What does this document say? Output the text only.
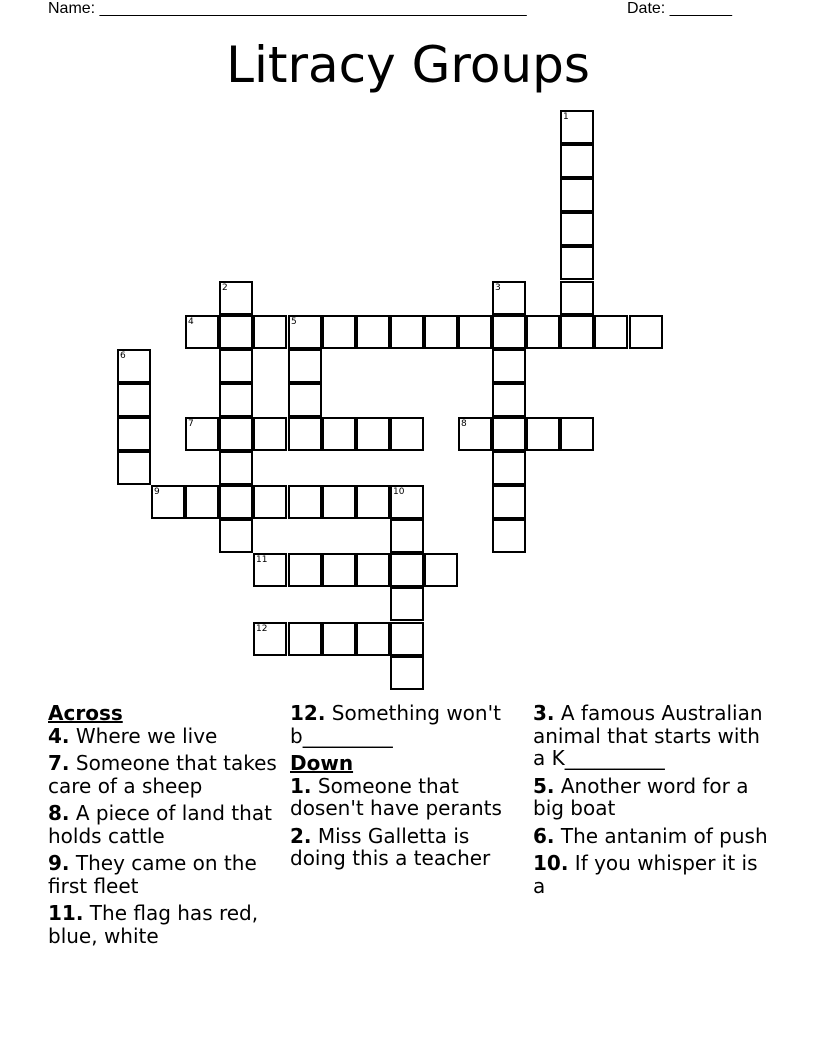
Name: ________________________________________________	Date: _______
Litracy Groups
1
2	3
4	5
6
7	8
9	10
11
12
Across
4. Where we live
7. Someone that takes care of a sheep
8. A piece of land that holds cattle
9. They came on the first fleet
11. The flag has red, blue, white
12. Something won't b_________
Down
1. Someone that dosen't have perants
2. Miss Galletta is doing this a teacher
3. A famous Australian animal that starts with a K__________
5. Another word for a big boat
6. The antanim of push
10. If you whisper it is a
